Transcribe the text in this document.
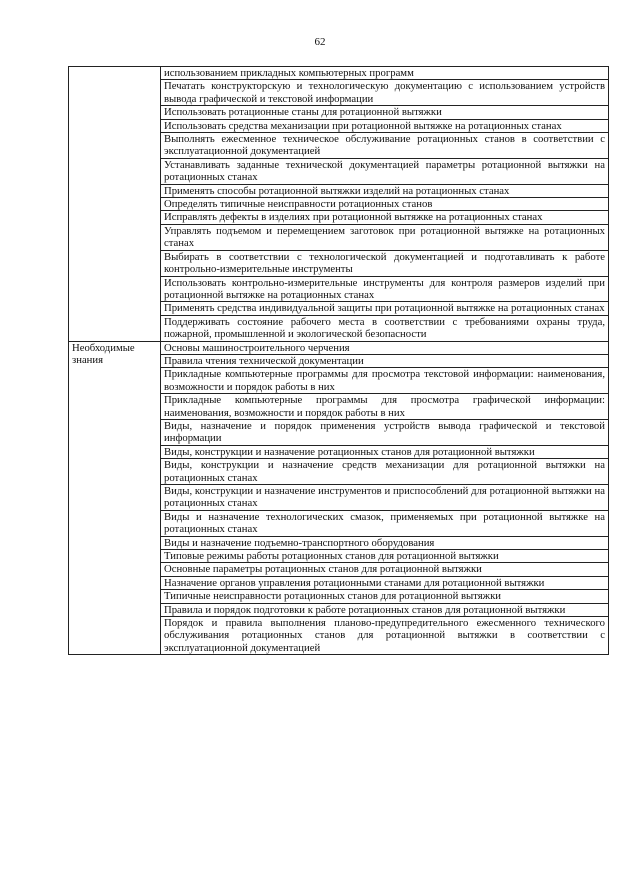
62
	использованием прикладных компьютерных программ
	Печатать конструкторскую и технологическую документацию с использованием устройств вывода графической и текстовой информации
	Использовать ротационные станы для ротационной вытяжки
	Использовать средства механизации при ротационной вытяжке на ротационных станах
	Выполнять ежесменное техническое обслуживание ротационных станов в соответствии с эксплуатационной документацией
	Устанавливать заданные технической документацией параметры ротационной вытяжки на ротационных станах
	Применять способы ротационной вытяжки изделий на ротационных станах
	Определять типичные неисправности ротационных станов
	Исправлять дефекты в изделиях при ротационной вытяжке на ротационных станах
	Управлять подъемом и перемещением заготовок при ротационной вытяжке на ротационных станах
	Выбирать в соответствии с технологической документацией и подготавливать к работе контрольно-измерительные инструменты
	Использовать контрольно-измерительные инструменты для контроля размеров изделий при ротационной вытяжке на ротационных станах
	Применять средства индивидуальной защиты при ротационной вытяжке на ротационных станах
	Поддерживать состояние рабочего места в соответствии с требованиями охраны труда, пожарной, промышленной и экологической безопасности
Необходимые знания	Основы машиностроительного черчения
	Правила чтения технической документации
	Прикладные компьютерные программы для просмотра текстовой информации: наименования, возможности и порядок работы в них
	Прикладные компьютерные программы для просмотра графической информации: наименования, возможности и порядок работы в них
	Виды, назначение и порядок применения устройств вывода графической и текстовой информации
	Виды, конструкции и назначение ротационных станов для ротационной вытяжки
	Виды, конструкции и назначение средств механизации для ротационной вытяжки на ротационных станах
	Виды, конструкции и назначение инструментов и приспособлений для ротационной вытяжки на ротационных станах
	Виды и назначение технологических смазок, применяемых при ротационной вытяжке на ротационных станах
	Виды и назначение подъемно-транспортного оборудования
	Типовые режимы работы ротационных станов для ротационной вытяжки
	Основные параметры ротационных станов для ротационной вытяжки
	Назначение органов управления ротационными станами для ротационной вытяжки
	Типичные неисправности ротационных станов для ротационной вытяжки
	Правила и порядок подготовки к работе ротационных станов для ротационной вытяжки
	Порядок и правила выполнения планово-предупредительного ежесменного технического обслуживания ротационных станов для ротационной вытяжки в соответствии с эксплуатационной документацией
